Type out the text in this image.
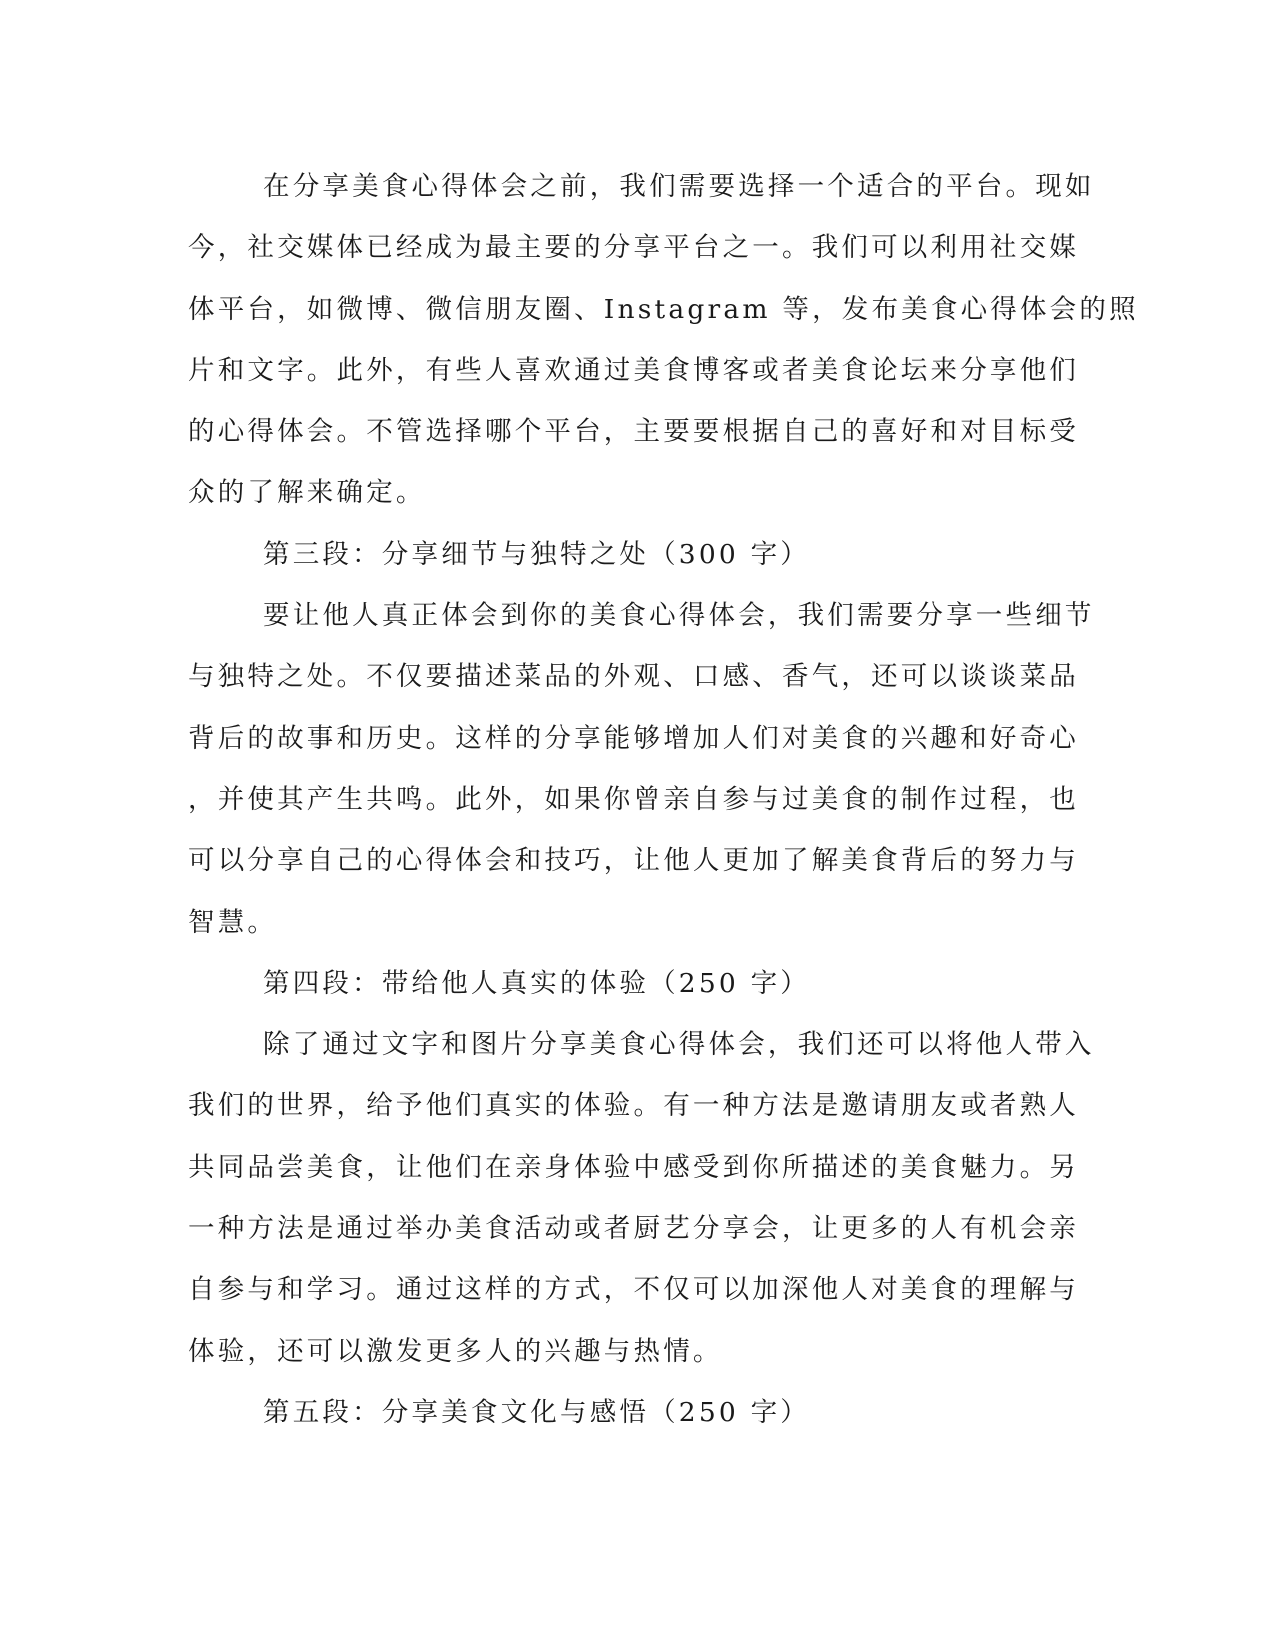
在分享美食心得体会之前，我们需要选择一个适合的平台。现如
今，社交媒体已经成为最主要的分享平台之一。我们可以利用社交媒
体平台，如微博、微信朋友圈、Instagram 等，发布美食心得体会的照
片和文字。此外，有些人喜欢通过美食博客或者美食论坛来分享他们
的心得体会。不管选择哪个平台，主要要根据自己的喜好和对目标受
众的了解来确定。
第三段：分享细节与独特之处（300 字）
要让他人真正体会到你的美食心得体会，我们需要分享一些细节
与独特之处。不仅要描述菜品的外观、口感、香气，还可以谈谈菜品
背后的故事和历史。这样的分享能够增加人们对美食的兴趣和好奇心
，并使其产生共鸣。此外，如果你曾亲自参与过美食的制作过程，也
可以分享自己的心得体会和技巧，让他人更加了解美食背后的努力与
智慧。
第四段：带给他人真实的体验（250 字）
除了通过文字和图片分享美食心得体会，我们还可以将他人带入
我们的世界，给予他们真实的体验。有一种方法是邀请朋友或者熟人
共同品尝美食，让他们在亲身体验中感受到你所描述的美食魅力。另
一种方法是通过举办美食活动或者厨艺分享会，让更多的人有机会亲
自参与和学习。通过这样的方式，不仅可以加深他人对美食的理解与
体验，还可以激发更多人的兴趣与热情。
第五段：分享美食文化与感悟（250 字）
